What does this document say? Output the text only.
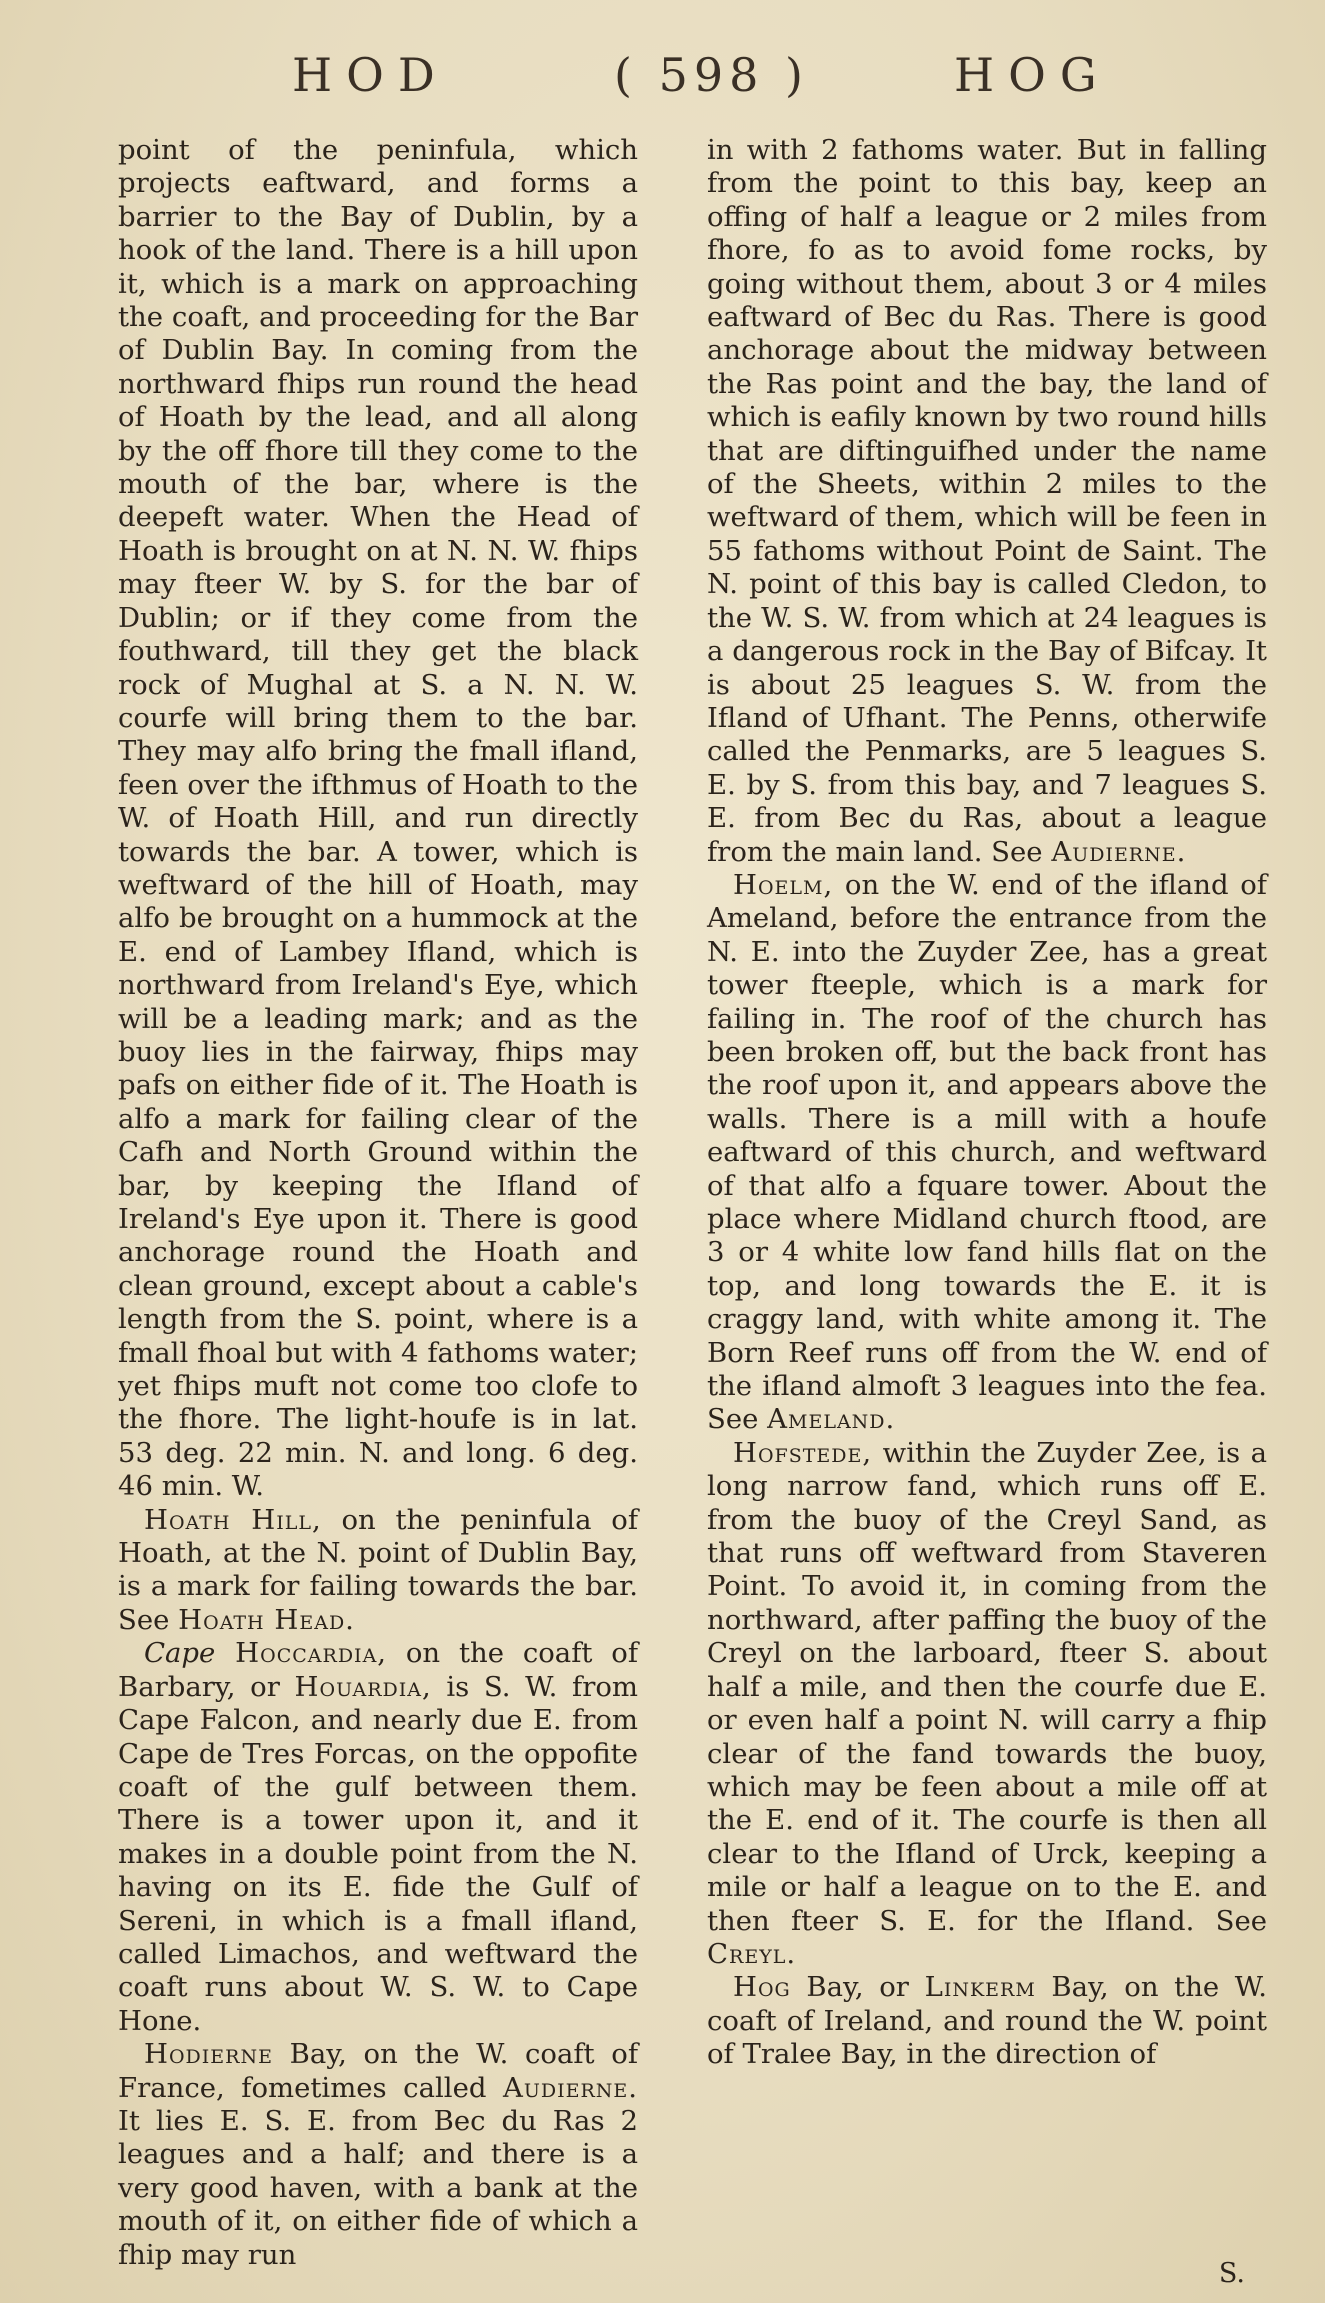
HOD	( 598 )	HOG

point of the peninfula, which projects eaftward, and forms a barrier to the Bay of Dublin, by a hook of the land. There is a hill upon it, which is a mark on approaching the coaft, and proceeding for the Bar of Dublin Bay. In coming from the northward fhips run round the head of Hoath by the lead, and all along by the off fhore till they come to the mouth of the bar, where is the deepeft water. When the Head of Hoath is brought on at N. N. W. fhips may fteer W. by S. for the bar of Dublin; or if they come from the fouthward, till they get the black rock of Mughal at S. a N. N. W. courfe will bring them to the bar. They may alfo bring the fmall ifland, feen over the ifthmus of Hoath to the W. of Hoath Hill, and run directly towards the bar. A tower, which is weftward of the hill of Hoath, may alfo be brought on a hummock at the E. end of Lambey Ifland, which is northward from Ireland's Eye, which will be a leading mark; and as the buoy lies in the fairway, fhips may pafs on either fide of it. The Hoath is alfo a mark for failing clear of the Cafh and North Ground within the bar, by keeping the Ifland of Ireland's Eye upon it. There is good anchorage round the Hoath and clean ground, except about a cable's length from the S. point, where is a fmall fhoal but with 4 fathoms water; yet fhips muft not come too clofe to the fhore. The light-houfe is in lat. 53 deg. 22 min. N. and long. 6 deg. 46 min. W.

Hoath Hill, on the peninfula of Hoath, at the N. point of Dublin Bay, is a mark for failing towards the bar. See Hoath Head.

Cape Hoccardia, on the coaft of Barbary, or Houardia, is S. W. from Cape Falcon, and nearly due E. from Cape de Tres Forcas, on the oppofite coaft of the gulf between them. There is a tower upon it, and it makes in a double point from the N. having on its E. fide the Gulf of Sereni, in which is a fmall ifland, called Limachos, and weftward the coaft runs about W. S. W. to Cape Hone.

Hodierne Bay, on the W. coaft of France, fometimes called Audierne. It lies E. S. E. from Bec du Ras 2 leagues and a half; and there is a very good haven, with a bank at the mouth of it, on either fide of which a fhip may run

in with 2 fathoms water. But in falling from the point to this bay, keep an offing of half a league or 2 miles from fhore, fo as to avoid fome rocks, by going without them, about 3 or 4 miles eaftward of Bec du Ras. There is good anchorage about the midway between the Ras point and the bay, the land of which is eafily known by two round hills that are diftinguifhed under the name of the Sheets, within 2 miles to the weftward of them, which will be feen in 55 fathoms without Point de Saint. The N. point of this bay is called Cledon, to the W. S. W. from which at 24 leagues is a dangerous rock in the Bay of Bifcay. It is about 25 leagues S. W. from the Ifland of Ufhant. The Penns, otherwife called the Penmarks, are 5 leagues S. E. by S. from this bay, and 7 leagues S. E. from Bec du Ras, about a league from the main land. See Audierne.

Hoelm, on the W. end of the ifland of Ameland, before the entrance from the N. E. into the Zuyder Zee, has a great tower fteeple, which is a mark for failing in. The roof of the church has been broken off, but the back front has the roof upon it, and appears above the walls. There is a mill with a houfe eaftward of this church, and weftward of that alfo a fquare tower. About the place where Midland church ftood, are 3 or 4 white low fand hills flat on the top, and long towards the E. it is craggy land, with white among it. The Born Reef runs off from the W. end of the ifland almoft 3 leagues into the fea. See Ameland.

Hofstede, within the Zuyder Zee, is a long narrow fand, which runs off E. from the buoy of the Creyl Sand, as that runs off weftward from Staveren Point. To avoid it, in coming from the northward, after paffing the buoy of the Creyl on the larboard, fteer S. about half a mile, and then the courfe due E. or even half a point N. will carry a fhip clear of the fand towards the buoy, which may be feen about a mile off at the E. end of it. The courfe is then all clear to the Ifland of Urck, keeping a mile or half a league on to the E. and then fteer S. E. for the Ifland. See Creyl.

Hog Bay, or Linkerm Bay, on the W. coaft of Ireland, and round the W. point of Tralee Bay, in the direction of

S.
